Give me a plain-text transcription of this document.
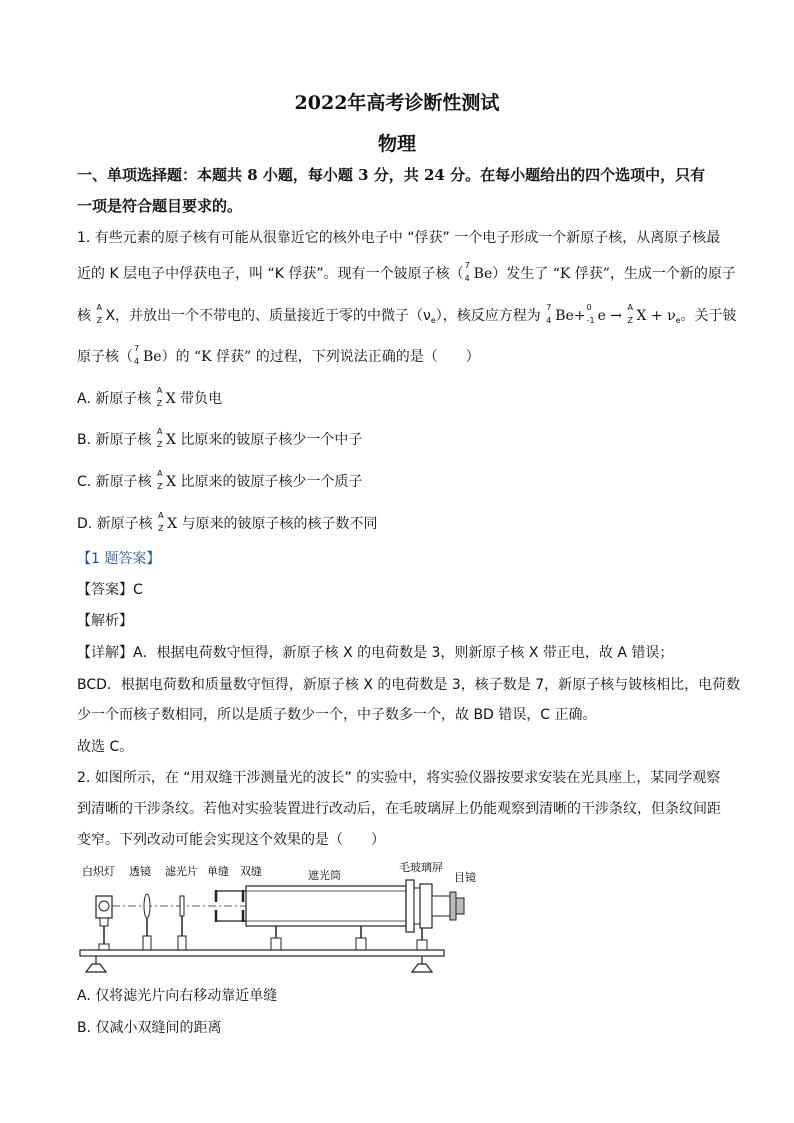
2022年高考诊断性测试
物理
一、单项选择题：本题共 8 小题，每小题 3 分，共 24 分。在每小题给出的四个选项中，只有
一项是符合题目要求的。
1. 有些元素的原子核有可能从很靠近它的核外电子中 “俘获” 一个电子形成一个新原子核，从离原子核最
近的 K 层电子中俘获电子，叫 “K 俘获”。现有一个铍原子核（
7
4 Be）发生了 “K 俘获”，生成一个新的原子
核
A
Z X，并放出一个不带电的、质量接近于零的中微子$(\nu_e)$，核反应方程为
7
4 Be+
0
-1 e →
A
Z $X + \nu_e$。关于铍
原子核（
7
4 Be）的 “K 俘获” 的过程，下列说法正确的是（　　）
A. 新原子核
A
Z X 带负电
B. 新原子核
A
Z X 比原来的铍原子核少一个中子
C. 新原子核
A
Z X 比原来的铍原子核少一个质子
D. 新原子核
A
Z X 与原来的铍原子核的核子数不同
【1 题答案】
【答案】C
【解析】
【详解】A．根据电荷数守恒得，新原子核 X 的电荷数是 3，则新原子核 X 带正电，故 A 错误；
BCD．根据电荷数和质量数守恒得，新原子核 X 的电荷数是 3，核子数是 7，新原子核与铍核相比，电荷数
少一个而核子数相同，所以是质子数少一个，中子数多一个，故 BD 错误，C 正确。
故选 C。
2. 如图所示，在 “用双缝干涉测量光的波长” 的实验中，将实验仪器按要求安装在光具座上，某同学观察
到清晰的干涉条纹。若他对实验装置进行改动后，在毛玻璃屏上仍能观察到清晰的干涉条纹，但条纹间距
变窄。下列改动可能会实现这个效果的是（　　）
白炽灯 透镜 滤光片 单缝 双缝	遮光筒
毛玻璃屏
目镜
A. 仅将滤光片向右移动靠近单缝
B. 仅减小双缝间的距离
